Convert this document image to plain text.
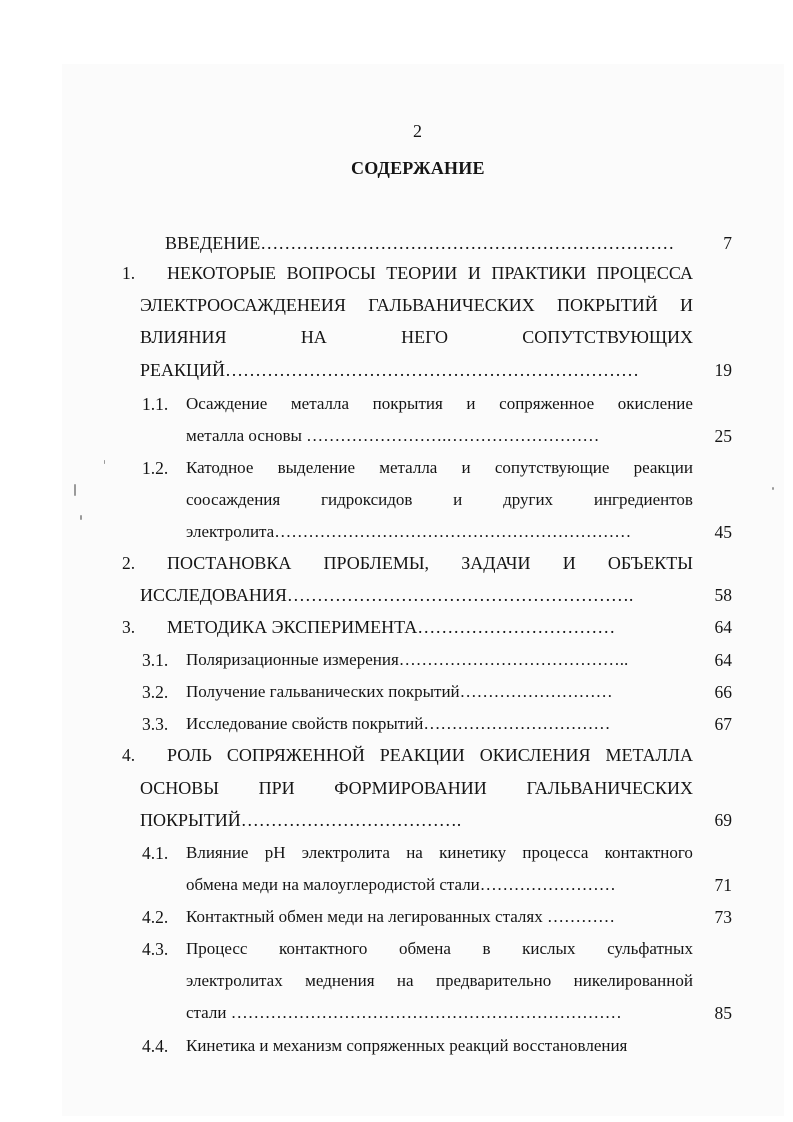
2
СОДЕРЖАНИЕ
ВВЕДЕНИЕ……………………………………………………………	7
1. НЕКОТОРЫЕ ВОПРОСЫ ТЕОРИИ И ПРАКТИКИ ПРОЦЕССА
ЭЛЕКТРООСАЖДЕНЕИЯ ГАЛЬВАНИЧЕСКИХ ПОКРЫТИЙ И
ВЛИЯНИЯ	НА	НЕГО	СОПУТСТВУЮЩИХ
РЕАКЦИЙ……………………………………………………………	19
1.1. Осаждение металла покрытия и сопряженное окисление
металла основы …………………….………………………	25
1.2. Катодное выделение металла и сопутствующие реакции
соосаждения гидроксидов и других ингредиентов
электролита………………………………………………………	45
2. ПОСТАНОВКА ПРОБЛЕМЫ, ЗАДАЧИ И ОБЪЕКТЫ
ИССЛЕДОВАНИЯ………………………………………………….	58
3. МЕТОДИКА ЭКСПЕРИМЕНТА……………………………	64
3.1. Поляризационные измерения…………………………………..	64
3.2. Получение гальванических покрытий………………………	66
3.3. Исследование свойств покрытий……………………………	67
4. РОЛЬ СОПРЯЖЕННОЙ РЕАКЦИИ ОКИСЛЕНИЯ МЕТАЛЛА
ОСНОВЫ ПРИ ФОРМИРОВАНИИ ГАЛЬВАНИЧЕСКИХ
ПОКРЫТИЙ……………………………….	69
4.1. Влияние pH электролита на кинетику процесса контактного
обмена меди на малоуглеродистой стали……………………	71
4.2. Контактный обмен меди на легированных сталях …………	73
4.3. Процесс контактного обмена в кислых сульфатных
электролитах меднения на предварительно никелированной
стали ……………………………………………………………	85
4.4. Кинетика и механизм сопряженных реакций восстановления
